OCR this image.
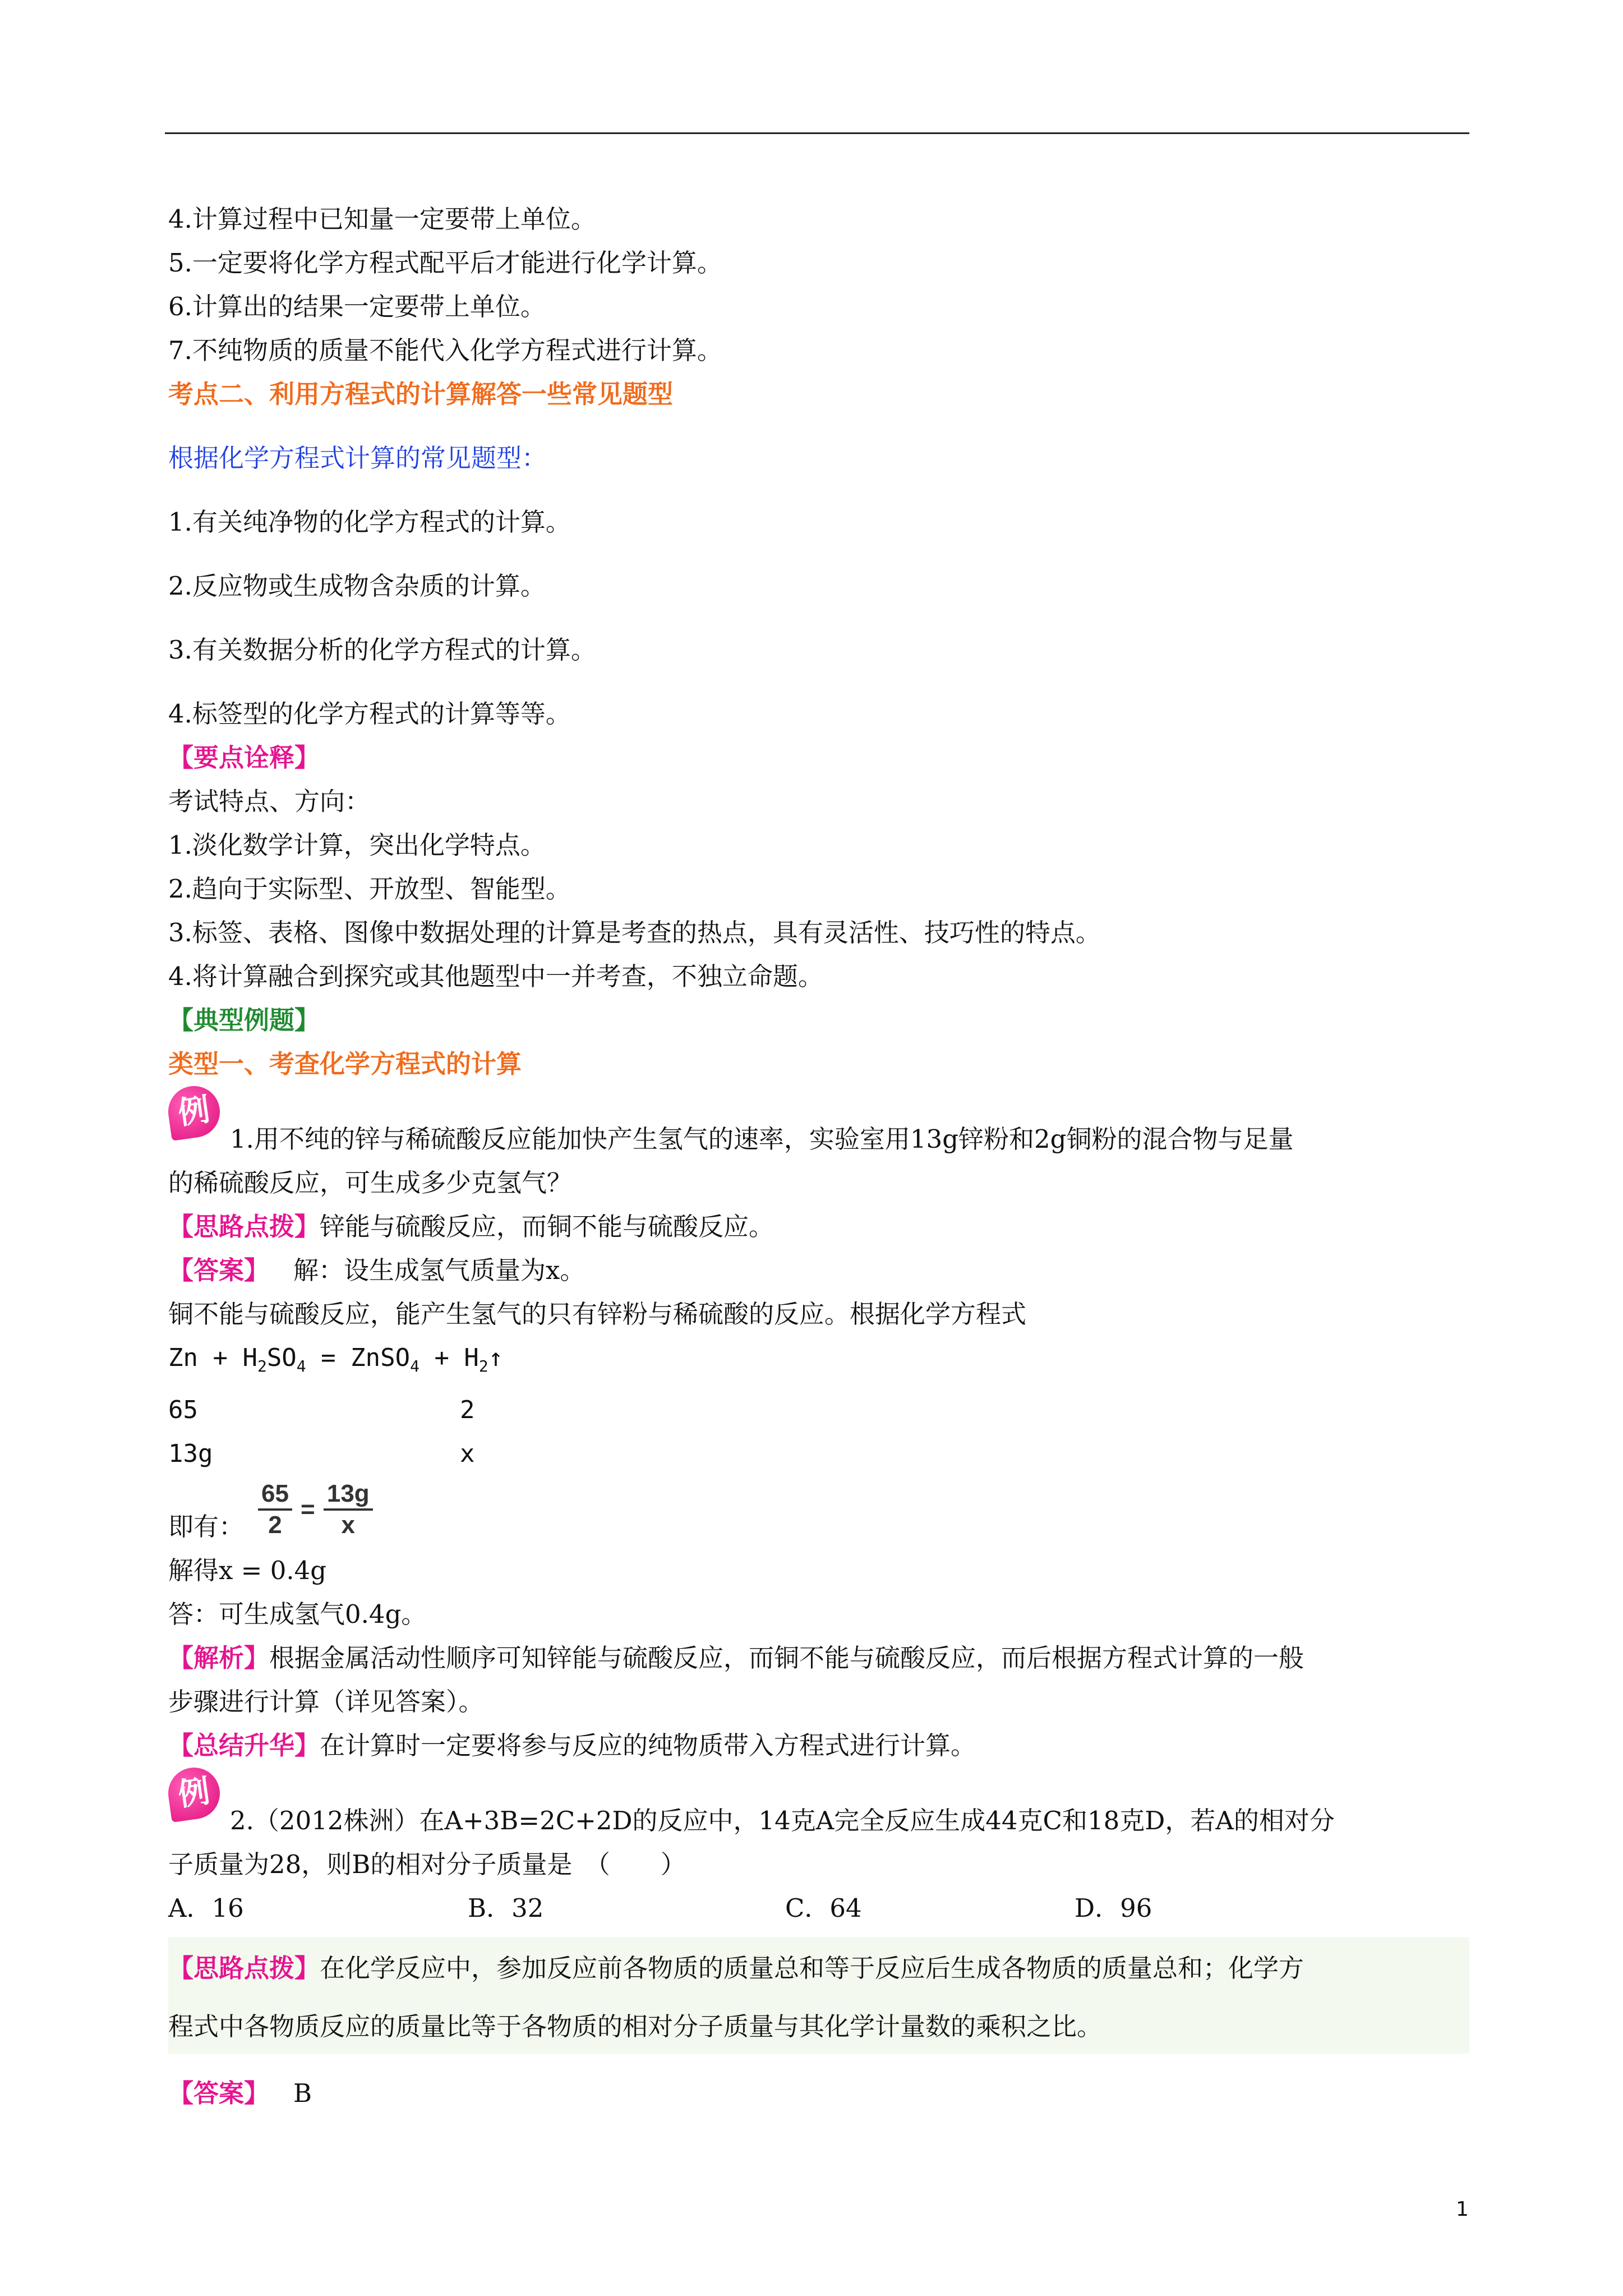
4.计算过程中已知量一定要带上单位。
5.一定要将化学方程式配平后才能进行化学计算。
6.计算出的结果一定要带上单位。
7.不纯物质的质量不能代入化学方程式进行计算。
考点二、利用方程式的计算解答一些常见题型
根据化学方程式计算的常见题型：
1.有关纯净物的化学方程式的计算。
2.反应物或生成物含杂质的计算。
3.有关数据分析的化学方程式的计算。
4.标签型的化学方程式的计算等等。
【要点诠释】
考试特点、方向：
1.淡化数学计算，突出化学特点。
2.趋向于实际型、开放型、智能型。
3.标签、表格、图像中数据处理的计算是考查的热点，具有灵活性、技巧性的特点。
4.将计算融合到探究或其他题型中一并考查，不独立命题。
【典型例题】
类型一、考查化学方程式的计算
例
1.用不纯的锌与稀硫酸反应能加快产生氢气的速率，实验室用13g锌粉和2g铜粉的混合物与足量
的稀硫酸反应，可生成多少克氢气？
【思路点拨】锌能与硫酸反应，而铜不能与硫酸反应。
【答案】 解：设生成氢气质量为x。
铜不能与硫酸反应，能产生氢气的只有锌粉与稀硫酸的反应。根据化学方程式
$Zn + H_2SO_4$ = ZnSO$_4$ + $H_2↑$
65	2
13g	x
即有： $\frac{65}{2} = \frac{13g}{x}$
解得x = 0.4g
答：可生成氢气0.4g。
【解析】根据金属活动性顺序可知锌能与硫酸反应，而铜不能与硫酸反应，而后根据方程式计算的一般
步骤进行计算（详见答案）。
【总结升华】在计算时一定要将参与反应的纯物质带入方程式进行计算。
例
2.（2012株洲）在A+3B=2C+2D的反应中，14克A完全反应生成44克C和18克D，若A的相对分
子质量为28，则B的相对分子质量是　（　　）
A．16	B．32	C．64	D．96
【思路点拨】在化学反应中，参加反应前各物质的质量总和等于反应后生成各物质的质量总和；化学方
程式中各物质反应的质量比等于各物质的相对分子质量与其化学计量数的乘积之比。
【答案】 B
1
